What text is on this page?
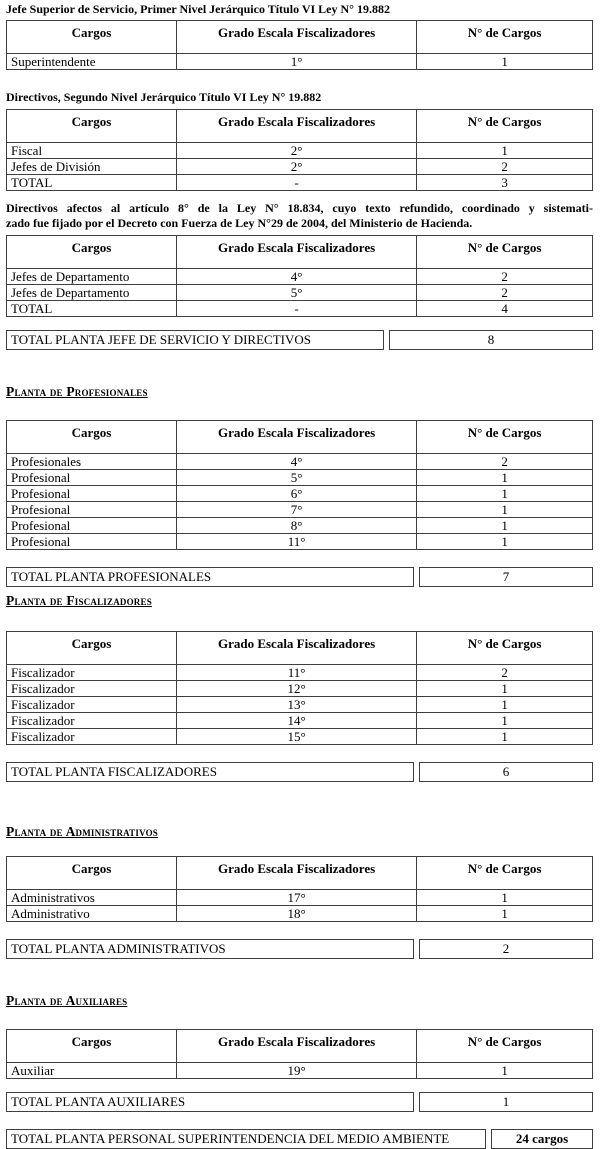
Jefe Superior de Servicio, Primer Nivel Jerárquico Título VI Ley N° 19.882
Cargos	Grado Escala Fiscalizadores	N° de Cargos
Superintendente	1°	1
Directivos, Segundo Nivel Jerárquico Título VI Ley N° 19.882
Cargos	Grado Escala Fiscalizadores	N° de Cargos
Fiscal	2°	1
Jefes de División	2°	2
TOTAL	-	3
Directivos afectos al artículo 8° de la Ley N° 18.834, cuyo texto refundido, coordinado y sistemati-
zado fue fijado por el Decreto con Fuerza de Ley N°29 de 2004, del Ministerio de Hacienda.
Cargos	Grado Escala Fiscalizadores	N° de Cargos
Jefes de Departamento	4°	2
Jefes de Departamento	5°	2
TOTAL	-	4
TOTAL PLANTA JEFE DE SERVICIO Y DIRECTIVOS	8
Planta de Profesionales
Cargos	Grado Escala Fiscalizadores	N° de Cargos
Profesionales	4°	2
Profesional	5°	1
Profesional	6°	1
Profesional	7°	1
Profesional	8°	1
Profesional	11°	1
TOTAL PLANTA PROFESIONALES	7
Planta de Fiscalizadores
Cargos	Grado Escala Fiscalizadores	N° de Cargos
Fiscalizador	11°	2
Fiscalizador	12°	1
Fiscalizador	13°	1
Fiscalizador	14°	1
Fiscalizador	15°	1
TOTAL PLANTA FISCALIZADORES	6
Planta de Administrativos
Cargos	Grado Escala Fiscalizadores	N° de Cargos
Administrativos	17°	1
Administrativo	18°	1
TOTAL PLANTA ADMINISTRATIVOS	2
Planta de Auxiliares
Cargos	Grado Escala Fiscalizadores	N° de Cargos
Auxiliar	19°	1
TOTAL PLANTA AUXILIARES	1
TOTAL PLANTA PERSONAL SUPERINTENDENCIA DEL MEDIO AMBIENTE	24 cargos
